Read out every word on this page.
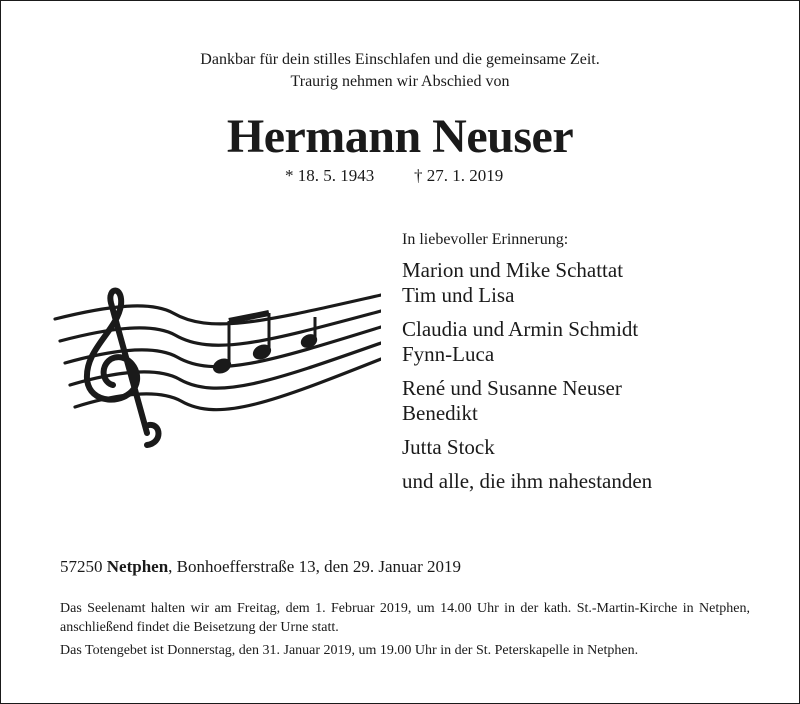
Dankbar für dein stilles Einschlafen und die gemeinsame Zeit.
Traurig nehmen wir Abschied von
Hermann Neuser
* 18. 5. 1943 † 27. 1. 2019
In liebevoller Erinnerung:
Marion und Mike Schattat
Tim und Lisa
Claudia und Armin Schmidt
Fynn-Luca
René und Susanne Neuser
Benedikt
Jutta Stock
und alle, die ihm nahestanden
57250 Netphen, Bonhoefferstraße 13, den 29. Januar 2019
Das Seelenamt halten wir am Freitag, dem 1. Februar 2019, um 14.00 Uhr in der kath. St.-Martin-Kirche in Netphen, anschließend findet die Beisetzung der Urne statt.
Das Totengebet ist Donnerstag, den 31. Januar 2019, um 19.00 Uhr in der St. Peterskapelle in Netphen.
